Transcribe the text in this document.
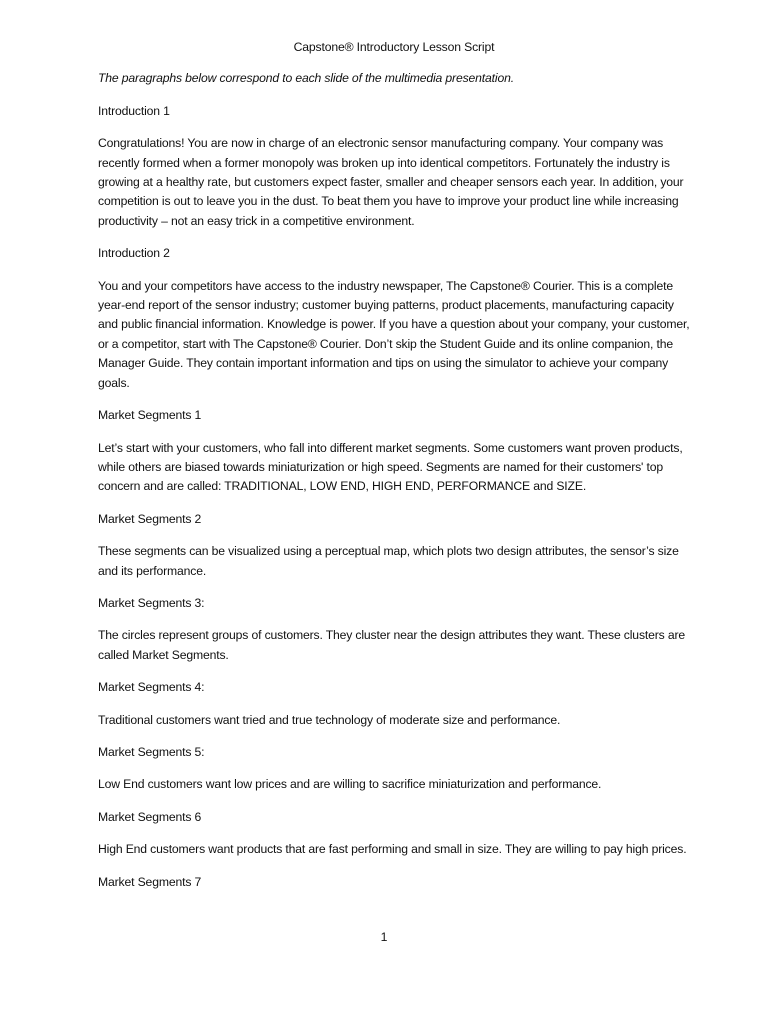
Capstone® Introductory Lesson Script
The paragraphs below correspond to each slide of the multimedia presentation.
Introduction 1
Congratulations! You are now in charge of an electronic sensor manufacturing company. Your company was recently formed when a former monopoly was broken up into identical competitors. Fortunately the industry is growing at a healthy rate, but customers expect faster, smaller and cheaper sensors each year. In addition, your competition is out to leave you in the dust. To beat them you have to improve your product line while increasing productivity – not an easy trick in a competitive environment.
Introduction 2
You and your competitors have access to the industry newspaper, The Capstone® Courier. This is a complete year-end report of the sensor industry; customer buying patterns, product placements, manufacturing capacity and public financial information. Knowledge is power. If you have a question about your company, your customer, or a competitor, start with The Capstone® Courier. Don’t skip the Student Guide and its online companion, the Manager Guide. They contain important information and tips on using the simulator to achieve your company goals.
Market Segments 1
Let’s start with your customers, who fall into different market segments. Some customers want proven products, while others are biased towards miniaturization or high speed. Segments are named for their customers' top concern and are called: TRADITIONAL, LOW END, HIGH END, PERFORMANCE and SIZE.
Market Segments 2
These segments can be visualized using a perceptual map, which plots two design attributes, the sensor’s size and its performance.
Market Segments 3:
The circles represent groups of customers. They cluster near the design attributes they want. These clusters are called Market Segments.
Market Segments 4:
Traditional customers want tried and true technology of moderate size and performance.
Market Segments 5:
Low End customers want low prices and are willing to sacrifice miniaturization and performance.
Market Segments 6
High End customers want products that are fast performing and small in size. They are willing to pay high prices.
Market Segments 7
1
